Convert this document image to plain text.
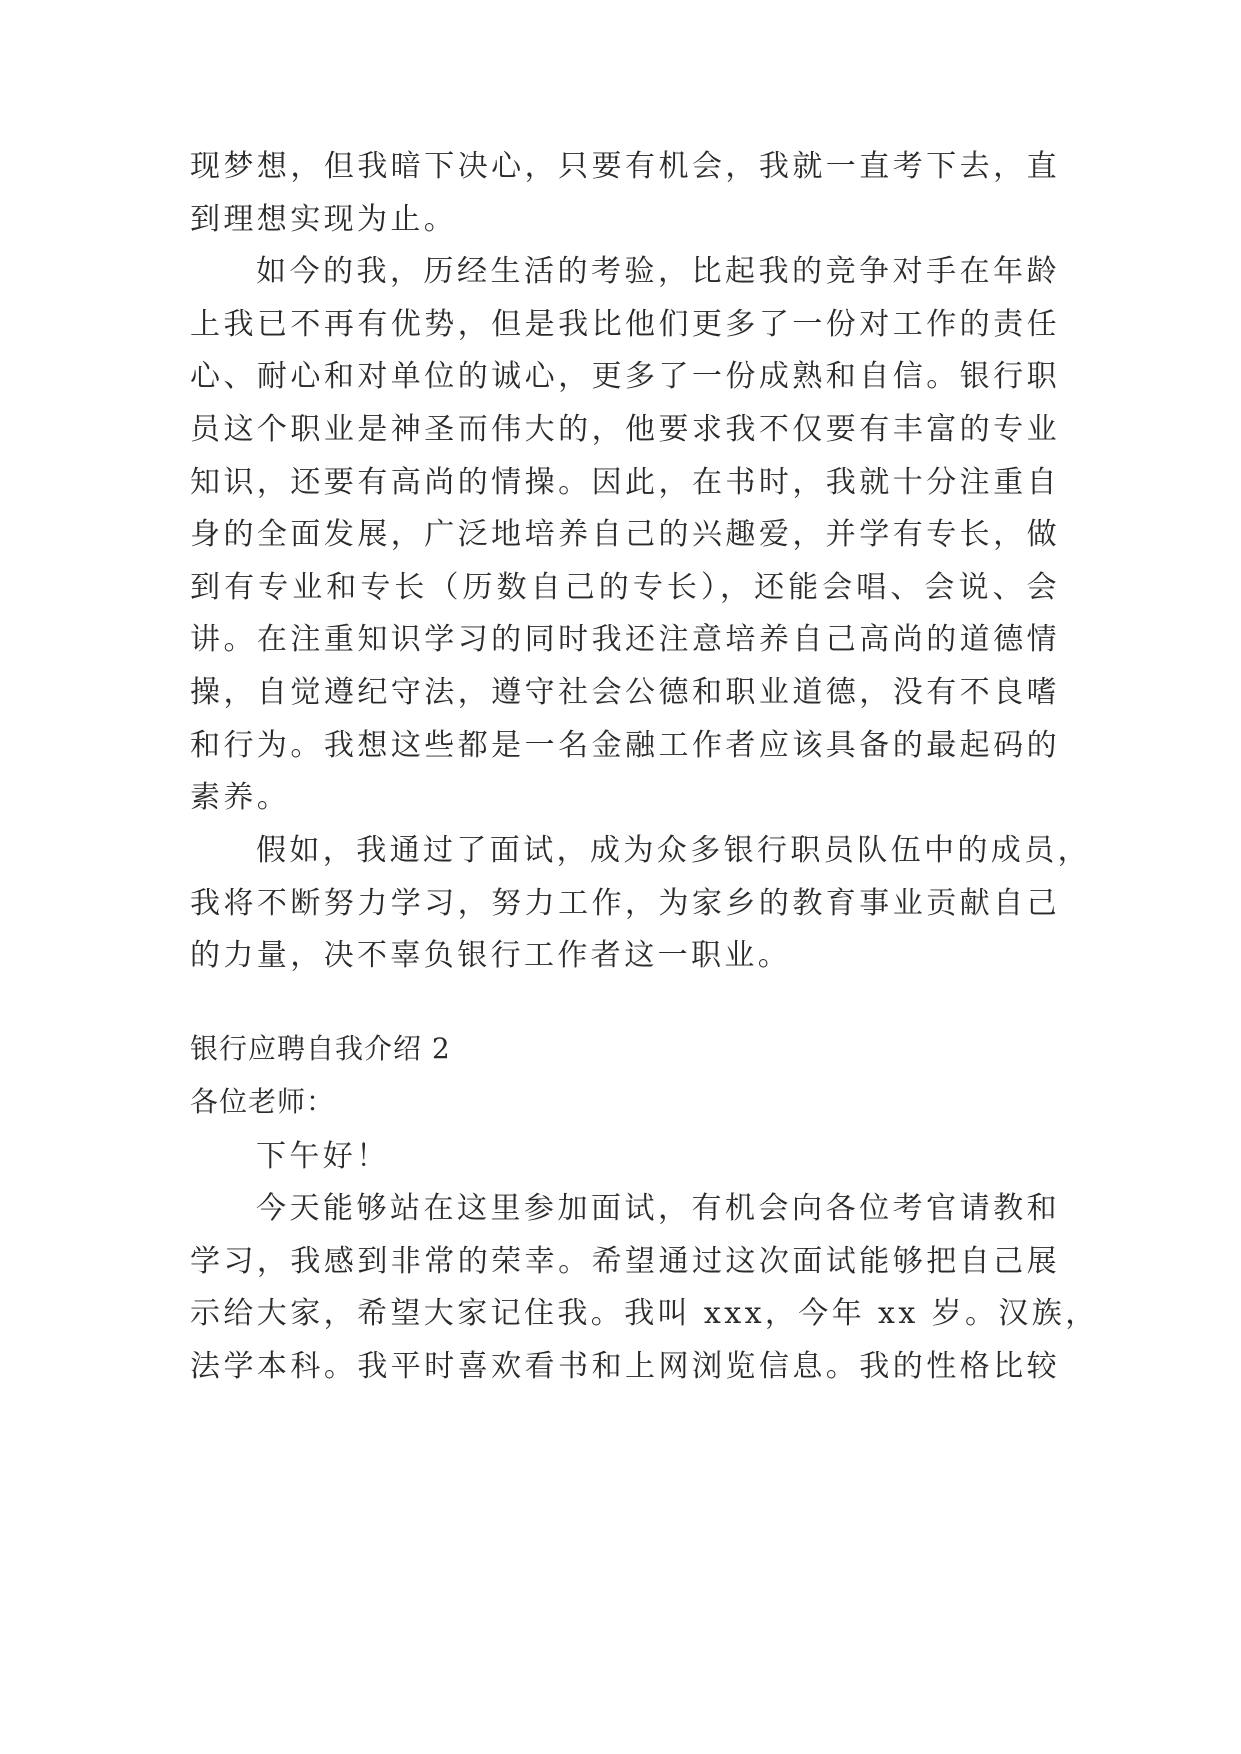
现梦想，但我暗下决心，只要有机会，我就一直考下去，直
到理想实现为止。
如今的我，历经生活的考验，比起我的竞争对手在年龄
上我已不再有优势，但是我比他们更多了一份对工作的责任
心、耐心和对单位的诚心，更多了一份成熟和自信。银行职
员这个职业是神圣而伟大的，他要求我不仅要有丰富的专业
知识，还要有高尚的情操。因此，在书时，我就十分注重自
身的全面发展，广泛地培养自己的兴趣爱，并学有专长，做
到有专业和专长（历数自己的专长），还能会唱、会说、会
讲。在注重知识学习的同时我还注意培养自己高尚的道德情
操，自觉遵纪守法，遵守社会公德和职业道德，没有不良嗜
和行为。我想这些都是一名金融工作者应该具备的最起码的
素养。
假如，我通过了面试，成为众多银行职员队伍中的成员，
我将不断努力学习，努力工作，为家乡的教育事业贡献自己
的力量，决不辜负银行工作者这一职业。
银行应聘自我介绍 2
各位老师：
下午好！
今天能够站在这里参加面试，有机会向各位考官请教和
学习，我感到非常的荣幸。希望通过这次面试能够把自己展
示给大家，希望大家记住我。我叫 xxx，今年 xx 岁。汉族，
法学本科。我平时喜欢看书和上网浏览信息。我的性格比较
